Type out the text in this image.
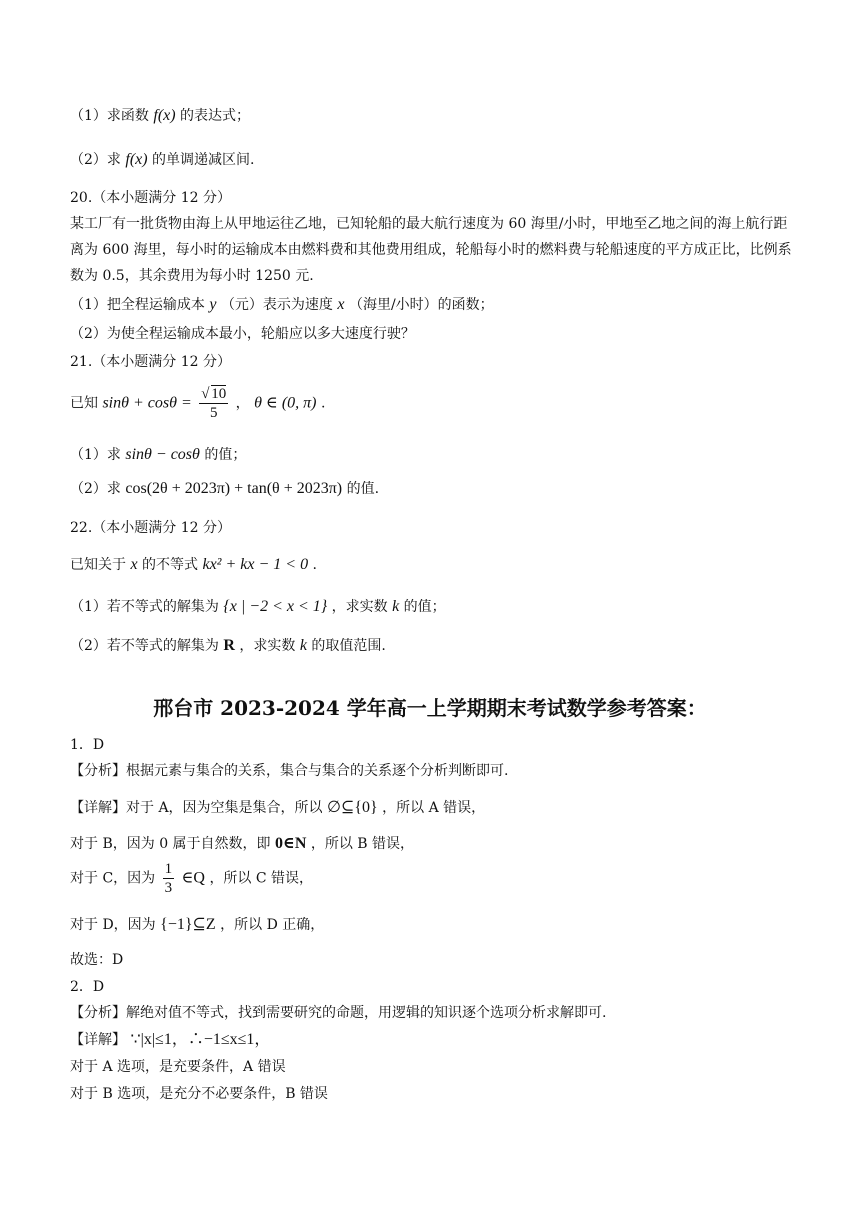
（1）求函数 f(x) 的表达式；
（2）求 f(x) 的单调递减区间.
20.（本小题满分 12 分）
某工厂有一批货物由海上从甲地运往乙地，已知轮船的最大航行速度为 60 海里/小时，甲地至乙地之间的海上航行距离为 600 海里，每小时的运输成本由燃料费和其他费用组成，轮船每小时的燃料费与轮船速度的平方成正比，比例系数为 0.5，其余费用为每小时 1250 元.
（1）把全程运输成本 y （元）表示为速度 x （海里/小时）的函数；
（2）为使全程运输成本最小，轮船应以多大速度行驶？
21.（本小题满分 12 分）
已知 sinθ + cosθ =
√ $\frac{10}{5}$ ， θ ∈ (0, π) .
（1）求 sinθ − cosθ 的值；
（2）求 cos(2θ + 2023π) + tan(θ + 2023π) 的值.
22.（本小题满分 12 分）
已知关于 x 的不等式 kx² + kx − 1 < 0 .
（1）若不等式的解集为 {x | −2 < x < 1} ，求实数 k 的值；
（2）若不等式的解集为 R ，求实数 k 的取值范围.
邢台市 2023-2024 学年高一上学期期末考试数学参考答案：
1．D
【分析】根据元素与集合的关系，集合与集合的关系逐个分析判断即可.
【详解】对于 A，因为空集是集合，所以 ∅⊆{0} ，所以 A 错误，
对于 B，因为 0 属于自然数，即 0∈N ，所以 B 错误，
对于 C，因为 $\frac{1}{3}$ ∈Q ，所以 C 错误，
对于 D，因为 {−1}⊆Z ，所以 D 正确，
故选：D
2．D
【分析】解绝对值不等式，找到需要研究的命题，用逻辑的知识逐个选项分析求解即可.
【详解】 ∵|x|≤1，∴−1≤x≤1，
对于 A 选项，是充要条件，A 错误
对于 B 选项，是充分不必要条件，B 错误
